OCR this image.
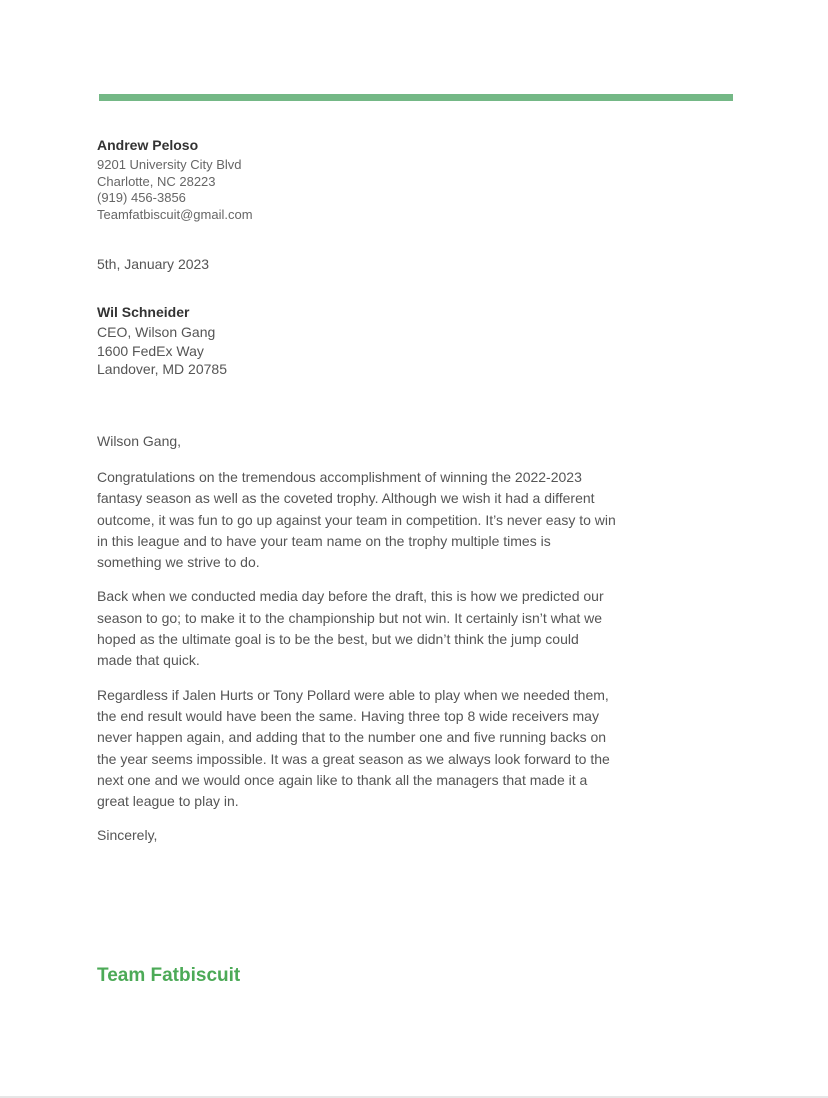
Andrew Peloso
9201 University City Blvd
Charlotte, NC 28223
(919) 456-3856
Teamfatbiscuit@gmail.com
5th, January 2023
Wil Schneider
CEO, Wilson Gang
1600 FedEx Way
Landover, MD 20785
Wilson Gang,

Congratulations on the tremendous accomplishment of winning the 2022-2023 fantasy season as well as the coveted trophy. Although we wish it had a different outcome, it was fun to go up against your team in competition. It’s never easy to win in this league and to have your team name on the trophy multiple times is something we strive to do.

Back when we conducted media day before the draft, this is how we predicted our season to go; to make it to the championship but not win. It certainly isn’t what we hoped as the ultimate goal is to be the best, but we didn’t think the jump could made that quick.

Regardless if Jalen Hurts or Tony Pollard were able to play when we needed them, the end result would have been the same. Having three top 8 wide receivers may never happen again, and adding that to the number one and five running backs on the year seems impossible. It was a great season as we always look forward to the next one and we would once again like to thank all the managers that made it a great league to play in.

Sincerely,
Team Fatbiscuit
